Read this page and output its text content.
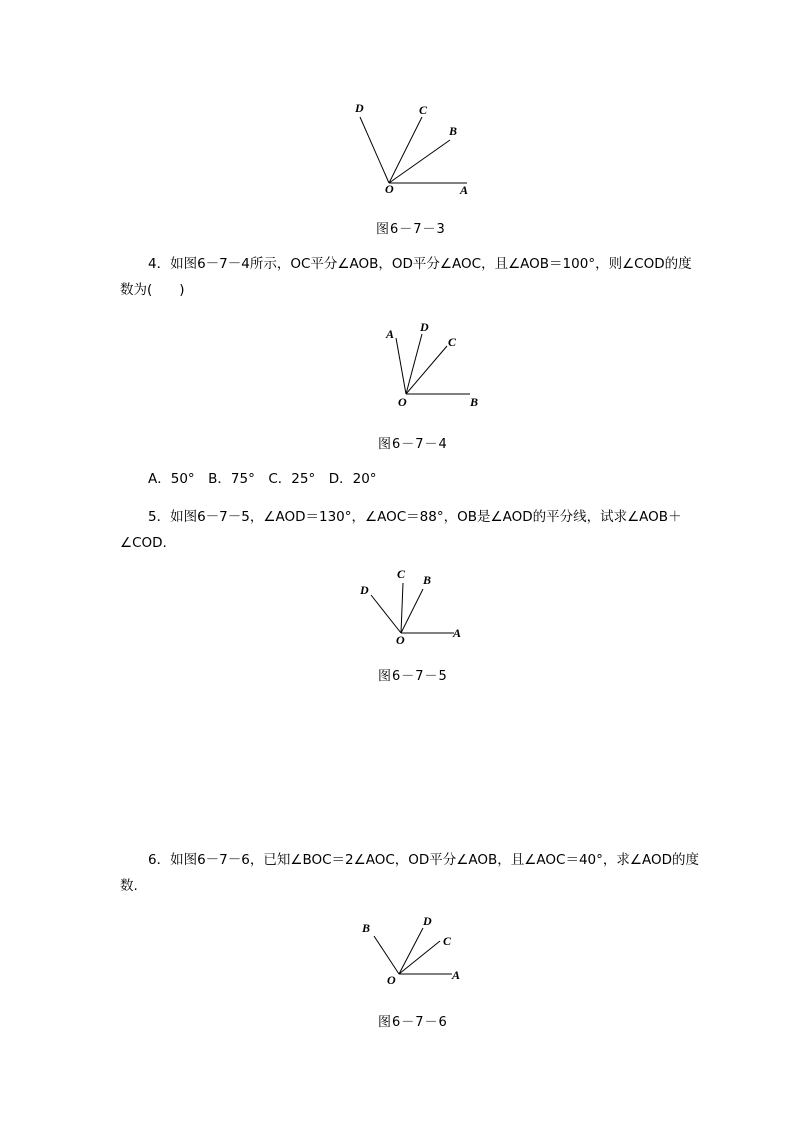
D	C
B
O	A
图6－7－3
4．如图6－7－4所示，OC平分∠AOB，OD平分∠AOC，且∠AOB＝100°，则∠COD的度
数为(　　)
A D
C
O	B
图6－7－4
A．50°　B．75°　C．25°　D．20°
5．如图6－7－5，∠AOD＝130°，∠AOC＝88°，OB是∠AOD的平分线，试求∠AOB＋
∠COD.
D
C B
O	A
图6－7－5
6．如图6－7－6，已知∠BOC＝2∠AOC，OD平分∠AOB，且∠AOC＝40°，求∠AOD的度
数.
B	D
C
O	A
图6－7－6
